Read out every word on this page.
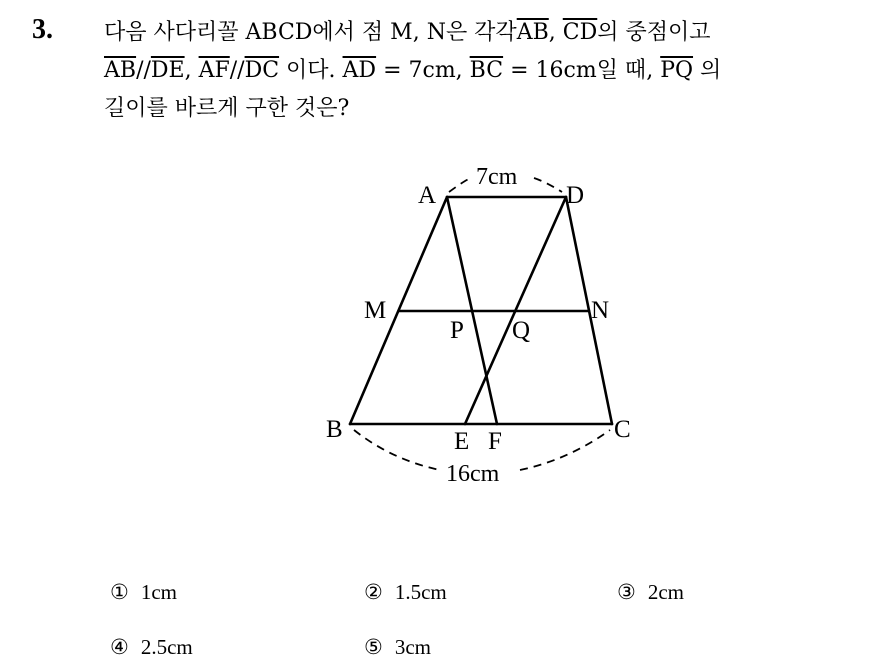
3. 다음 사다리꼴 ABCD에서 점 M, N은 각각$\overline{AB}$, $\overline{CD}$의 중점이고
$\overline{AB}//\overline{DE}$, $\overline{AF}//\overline{DC}$ 이다. $\overline{AD} = 7cm$, $\overline{BC} = 16cm$일 때, $\overline{PQ}$ 의
길이를 바르게 구한 것은?
A	D
M	N
P Q
B	C
E F
7cm
16cm
① 1cm	② 1.5cm	③ 2cm
④ 2.5cm	⑤ 3cm
